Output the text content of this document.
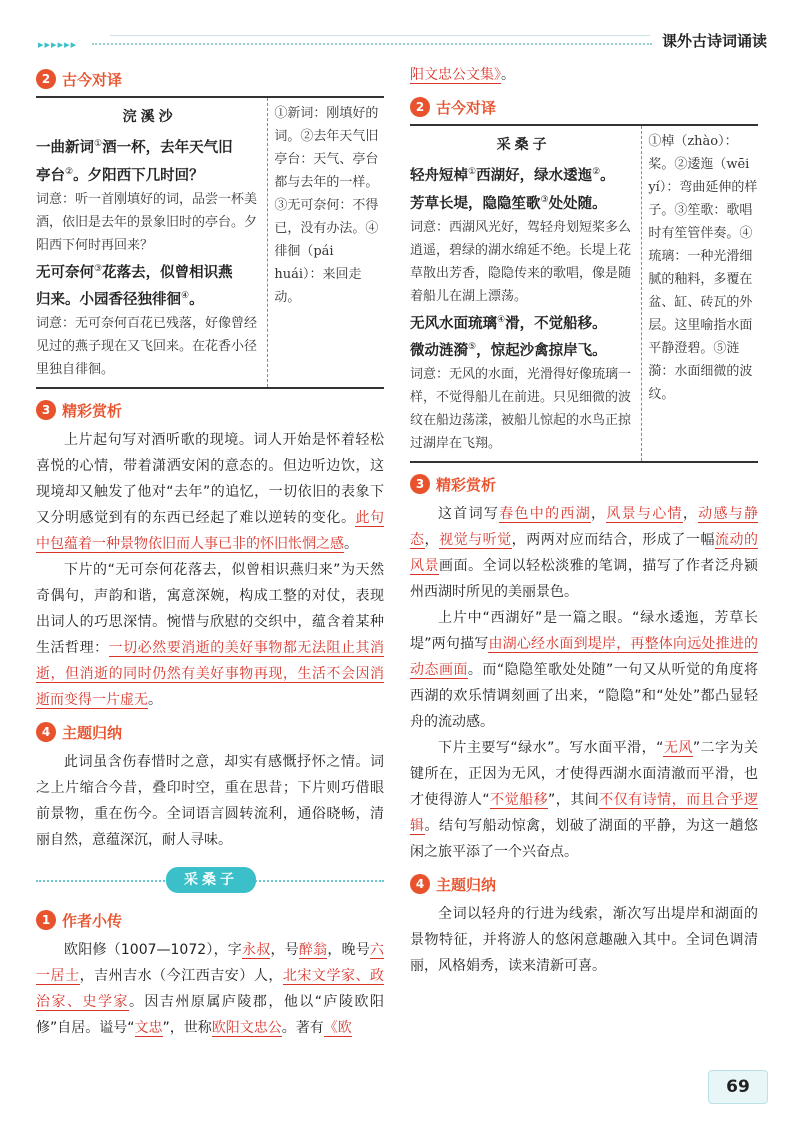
▸▸▸▸▸▸	课外古诗词诵读
2 古今对译
浣溪沙
一曲新词①酒一杯，去年天气旧
亭台②。夕阳西下几时回？
词意：听一首刚填好的词，品尝一杯美酒，依旧是去年的景象旧时的亭台。夕阳西下何时再回来？
无可奈何③花落去，似曾相识燕
归来。小园香径独徘徊④。
词意：无可奈何百花已残落，好像曾经见过的燕子现在又飞回来。在花香小径里独自徘徊。
①新词：刚填好的词。②去年天气旧亭台：天气、亭台都与去年的一样。③无可奈何：不得已，没有办法。④徘徊（pái huái）：来回走动。
3 精彩赏析

上片起句写对酒听歌的现境。词人开始是怀着轻松喜悦的心情，带着潇洒安闲的意态的。但边听边饮，这现境却又触发了他对“去年”的追忆，一切依旧的表象下又分明感觉到有的东西已经起了难以逆转的变化。此句中包蕴着一种景物依旧而人事已非的怀旧怅惘之感。

下片的“无可奈何花落去，似曾相识燕归来”为天然奇偶句，声韵和谐，寓意深婉，构成工整的对仗，表现出词人的巧思深情。惋惜与欣慰的交织中，蕴含着某种生活哲理：一切必然要消逝的美好事物都无法阻止其消逝，但消逝的同时仍然有美好事物再现，生活不会因消逝而变得一片虚无。

4 主题归纳

此词虽含伤春惜时之意，却实有感慨抒怀之情。词之上片缩合今昔，叠印时空，重在思昔；下片则巧借眼前景物，重在伤今。全词语言圆转流利，通俗晓畅，清丽自然，意蕴深沉，耐人寻味。

采桑子
1 作者小传

欧阳修（1007—1072），字永叔，号醉翁，晚号六一居士，吉州吉水（今江西吉安）人，北宋文学家、政治家、史学家。因吉州原属庐陵郡，他以“庐陵欧阳修”自居。谥号“文忠”，世称欧阳文忠公。著有《欧

阳文忠公文集》。

2 古今对译
采桑子
轻舟短棹①西湖好，绿水逶迤②。
芳草长堤，隐隐笙歌③处处随。
词意：西湖风光好，驾轻舟划短桨多么逍遥，碧绿的湖水绵延不绝。长堤上花草散出芳香，隐隐传来的歌唱，像是随着船儿在湖上漂荡。
无风水面琉璃④滑，不觉船移。
微动涟漪⑤，惊起沙禽掠岸飞。
词意：无风的水面，光滑得好像琉璃一样，不觉得船儿在前进。只见细微的波纹在船边荡漾，被船儿惊起的水鸟正掠过湖岸在飞翔。
①棹（zhào）：桨。②逶迤（wēi yí）：弯曲延伸的样子。③笙歌：歌唱时有笙管伴奏。④琉璃：一种光滑细腻的釉料，多覆在盆、缸、砖瓦的外层。这里喻指水面平静澄碧。⑤涟漪：水面细微的波纹。
3 精彩赏析

这首词写春色中的西湖，风景与心情，动感与静态，视觉与听觉，两两对应而结合，形成了一幅流动的风景画面。全词以轻松淡雅的笔调，描写了作者泛舟颍州西湖时所见的美丽景色。

上片中“西湖好”是一篇之眼。“绿水逶迤，芳草长堤”两句描写由湖心经水面到堤岸，再整体向远处推进的动态画面。而“隐隐笙歌处处随”一句又从听觉的角度将西湖的欢乐情调刻画了出来，“隐隐”和“处处”都凸显轻舟的流动感。

下片主要写“绿水”。写水面平滑，“无风”二字为关键所在，正因为无风，才使得西湖水面清澈而平滑，也才使得游人“不觉船移”，其间不仅有诗情，而且合乎逻辑。结句写船动惊禽，划破了湖面的平静，为这一趟悠闲之旅平添了一个兴奋点。

4 主题归纳

全词以轻舟的行进为线索，渐次写出堤岸和湖面的景物特征，并将游人的悠闲意趣融入其中。全词色调清丽，风格娟秀，读来清新可喜。

69
